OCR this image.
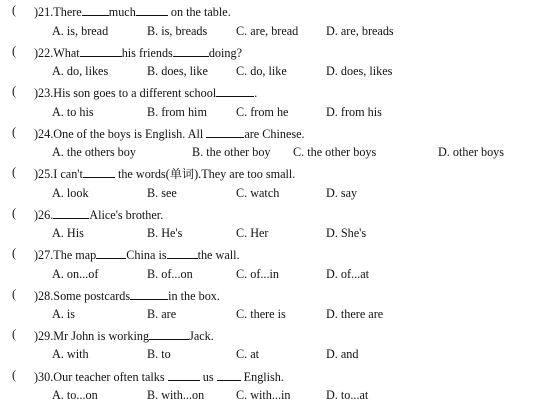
( )21.There much	on the table.
A. is, bread	B. is, breads C. are, bread D. are, breads
( )22.What	his friends	doing?
A. do, likes	B. does, like C. do, like	D. does, likes
( )23.His son goes to a different school	.
A. to his	B. from him C. from he	D. from his
( )24.One of the boys is English. All	are Chinese.
A. the others boy	B. the other boy C. the other boys	D. other boys
( )25.I can't	the words(单词).They are too small.
A. look	B. see	C. watch	D. say
( )26.	Alice's brother.
A. His	B. He's	C. Her	D. She's
( )27.The map China is	the wall.
A. on...of	B. of...on	C. of...in	D. of...at
( )28.Some postcards	in the box.
A. is	B. are	C. there is	D. there are
( )29.Mr John is working	Jack.
A. with	B. to	C. at	D. and
( )30.Our teacher often talks	us English.
A. to...on	B. with...on	C. with...in	D. to...at
